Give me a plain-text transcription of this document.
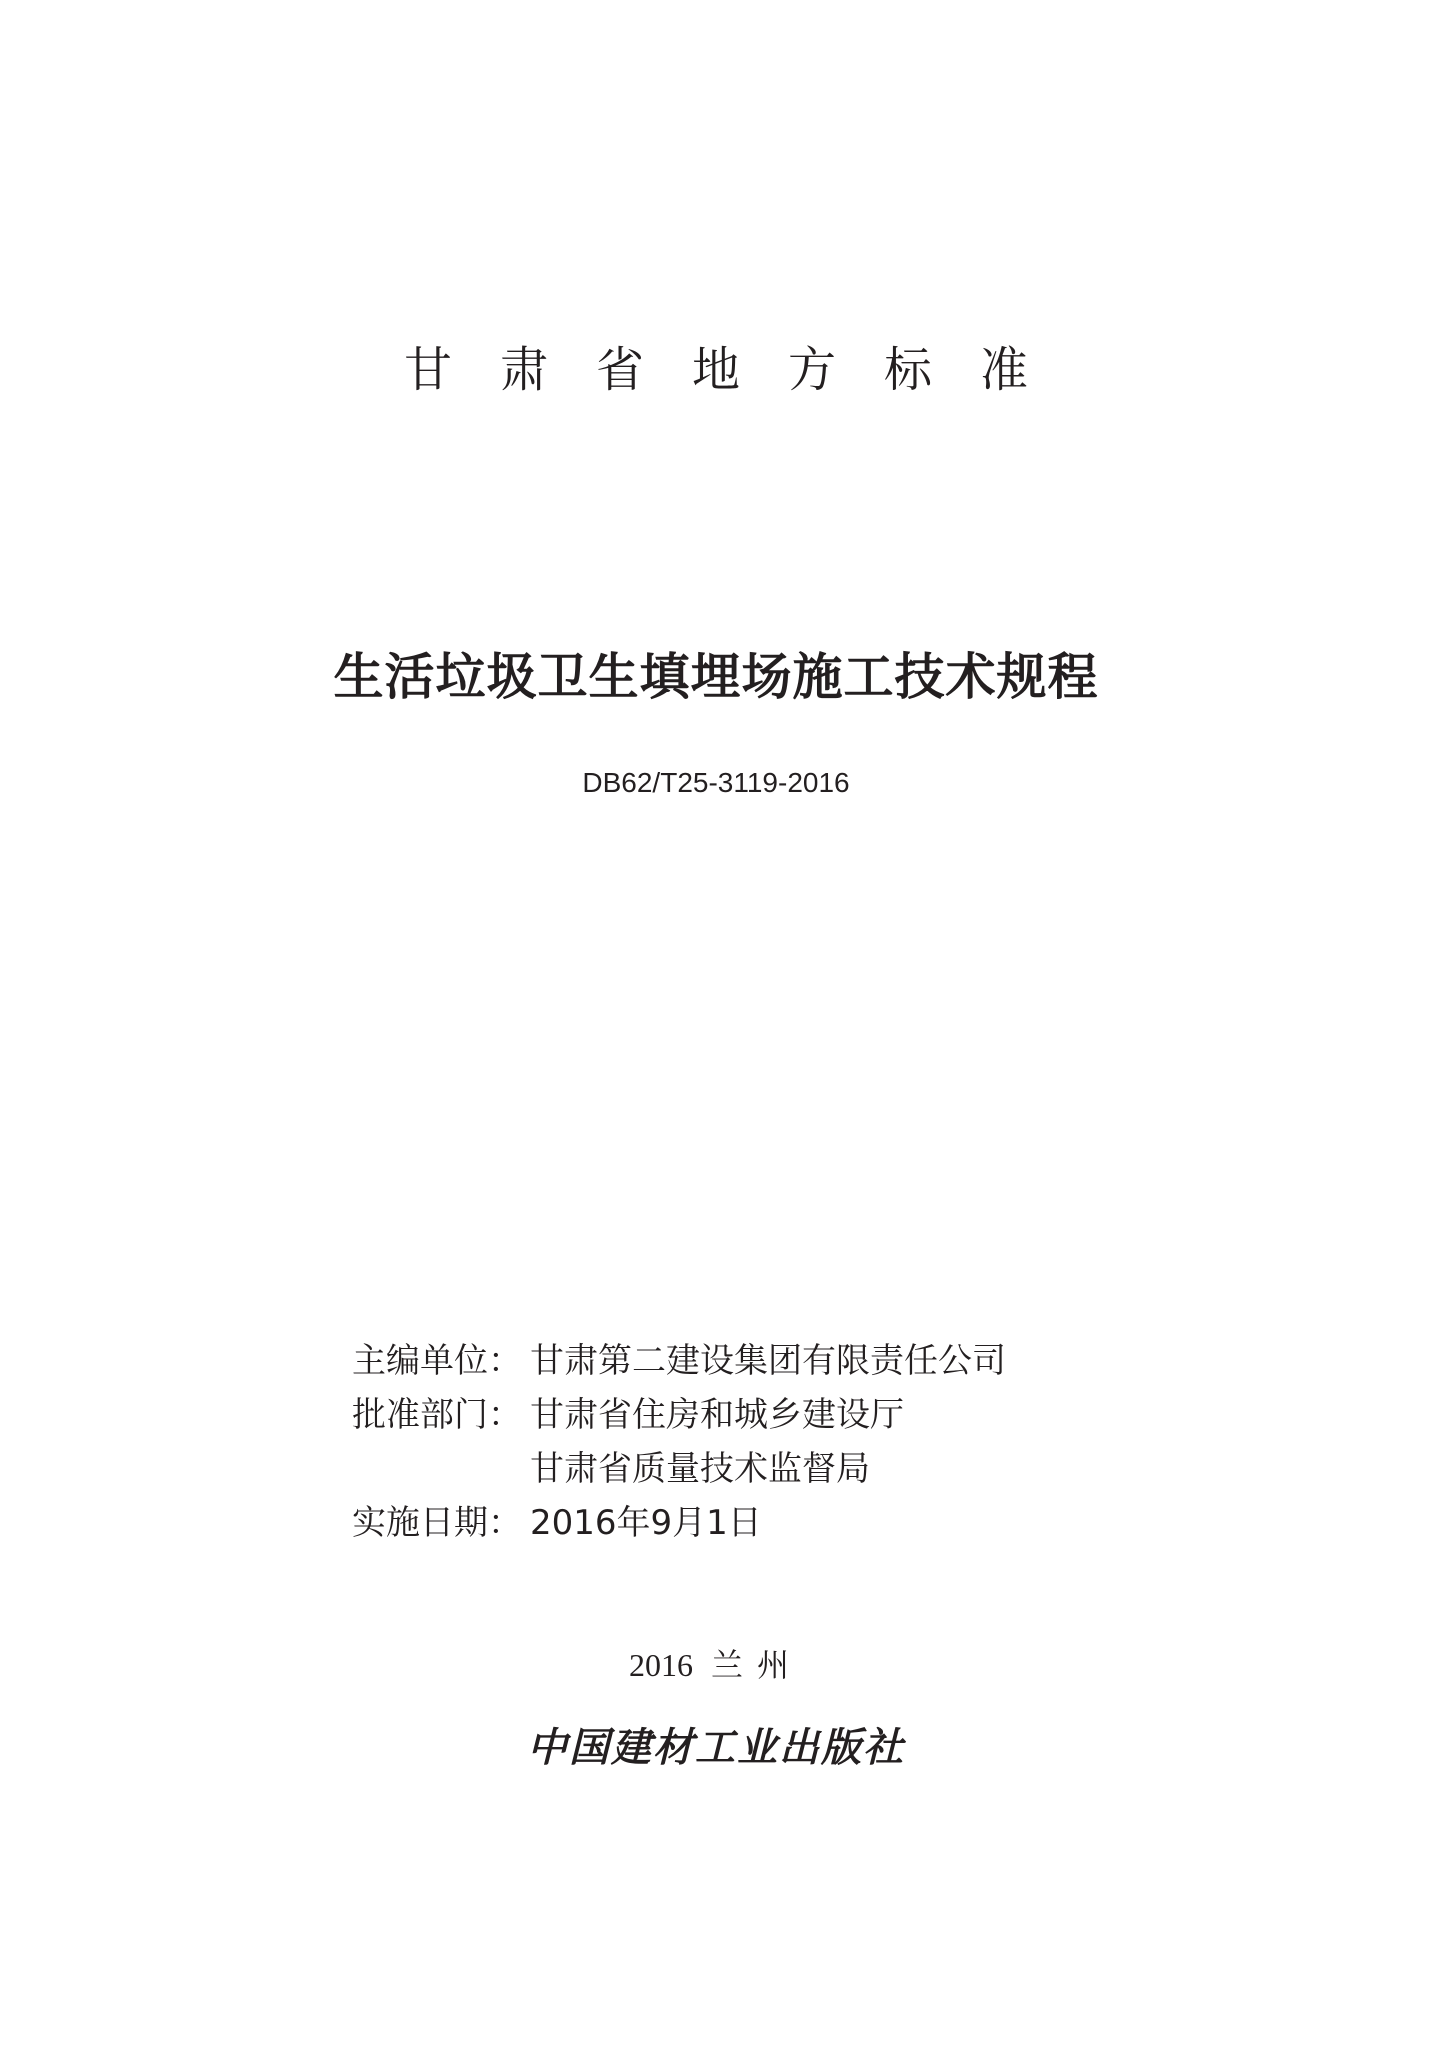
甘肃省地方标准
生活垃圾卫生填埋场施工技术规程
DB62/T25-3119-2016
主编单位： 甘肃第二建设集团有限责任公司
批准部门： 甘肃省住房和城乡建设厅
甘肃省质量技术监督局
实施日期： 2016年9月1日
2016 兰州
中国建材工业出版社
